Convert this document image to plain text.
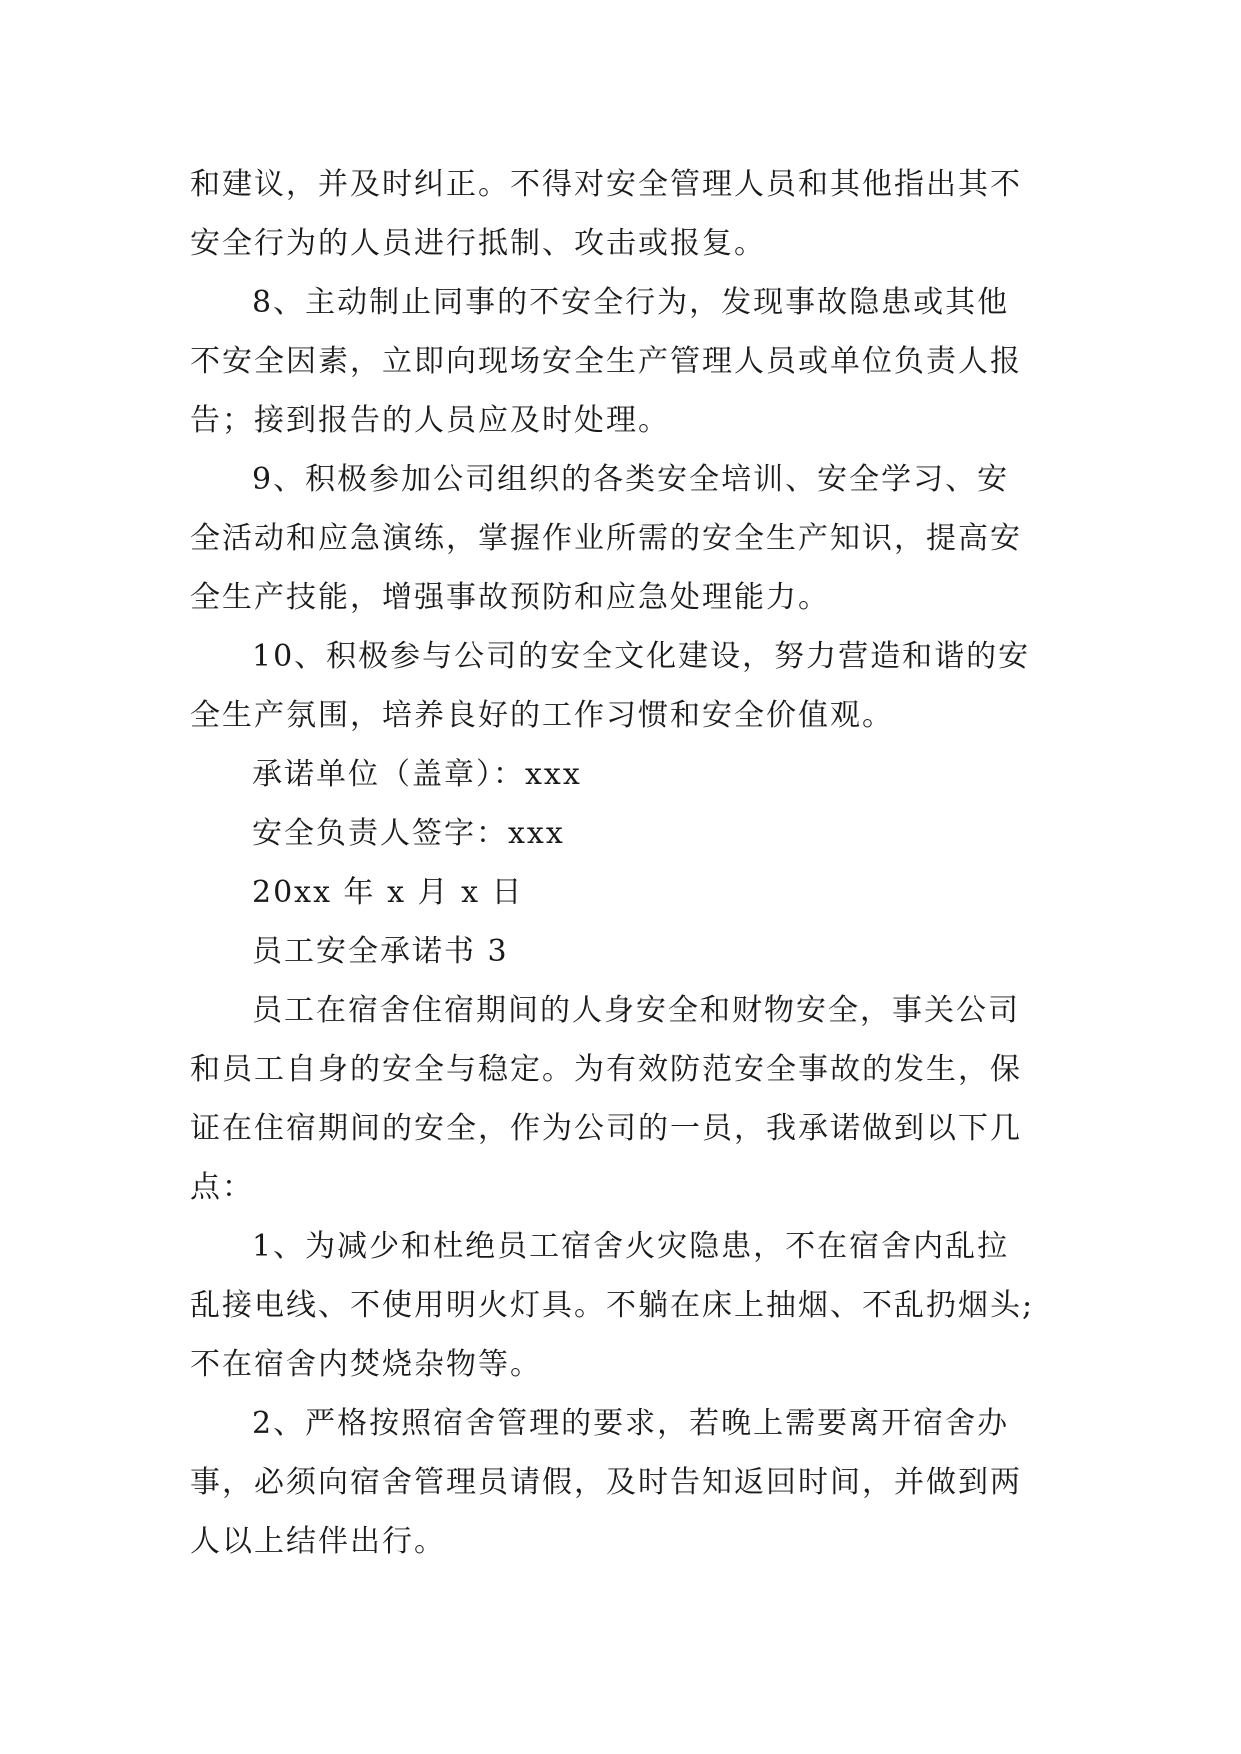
和建议，并及时纠正。不得对安全管理人员和其他指出其不
安全行为的人员进行抵制、攻击或报复。
8、主动制止同事的不安全行为，发现事故隐患或其他
不安全因素，立即向现场安全生产管理人员或单位负责人报
告；接到报告的人员应及时处理。
9、积极参加公司组织的各类安全培训、安全学习、安
全活动和应急演练，掌握作业所需的安全生产知识，提高安
全生产技能，增强事故预防和应急处理能力。
10、积极参与公司的安全文化建设，努力营造和谐的安
全生产氛围，培养良好的工作习惯和安全价值观。
承诺单位（盖章）：xxx
安全负责人签字：xxx
20xx 年 x 月 x 日
员工安全承诺书 3
员工在宿舍住宿期间的人身安全和财物安全，事关公司
和员工自身的安全与稳定。为有效防范安全事故的发生，保
证在住宿期间的安全，作为公司的一员，我承诺做到以下几
点：
1、为减少和杜绝员工宿舍火灾隐患，不在宿舍内乱拉
乱接电线、不使用明火灯具。不躺在床上抽烟、不乱扔烟头;
不在宿舍内焚烧杂物等。
2、严格按照宿舍管理的要求，若晚上需要离开宿舍办
事，必须向宿舍管理员请假，及时告知返回时间，并做到两
人以上结伴出行。
